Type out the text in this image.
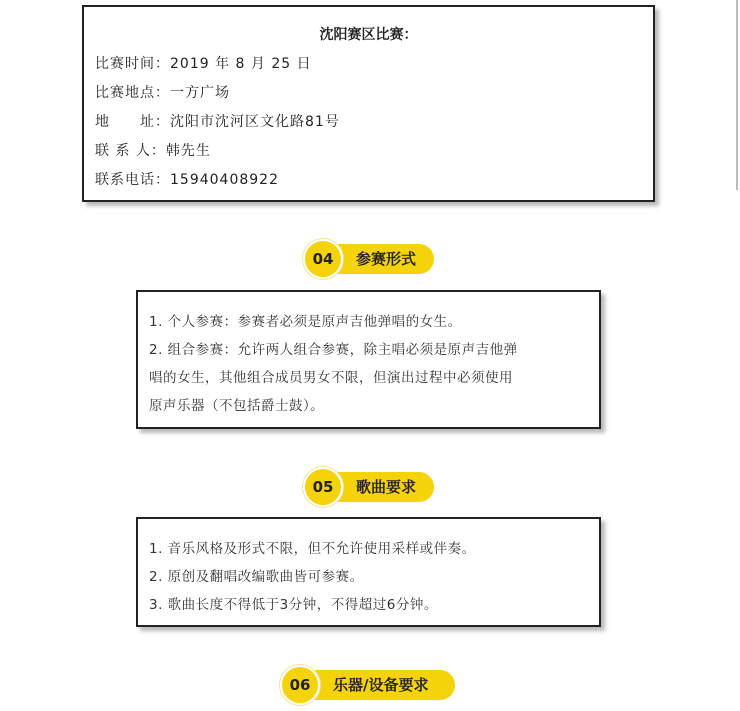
沈阳赛区比赛：

比赛时间：2019 年 8 月 25 日

比赛地点：一方广场

地　　址：沈阳市沈河区文化路81号

联 系 人：韩先生

联系电话：15940408922

04	参赛形式

1. 个人参赛：参赛者必须是原声吉他弹唱的女生。

2. 组合参赛：允许两人组合参赛，除主唱必须是原声吉他弹

唱的女生，其他组合成员男女不限，但演出过程中必须使用

原声乐器（不包括爵士鼓）。

05	歌曲要求

1. 音乐风格及形式不限，但不允许使用采样或伴奏。

2. 原创及翻唱改编歌曲皆可参赛。

3. 歌曲长度不得低于3分钟，不得超过6分钟。

06	乐器/设备要求
